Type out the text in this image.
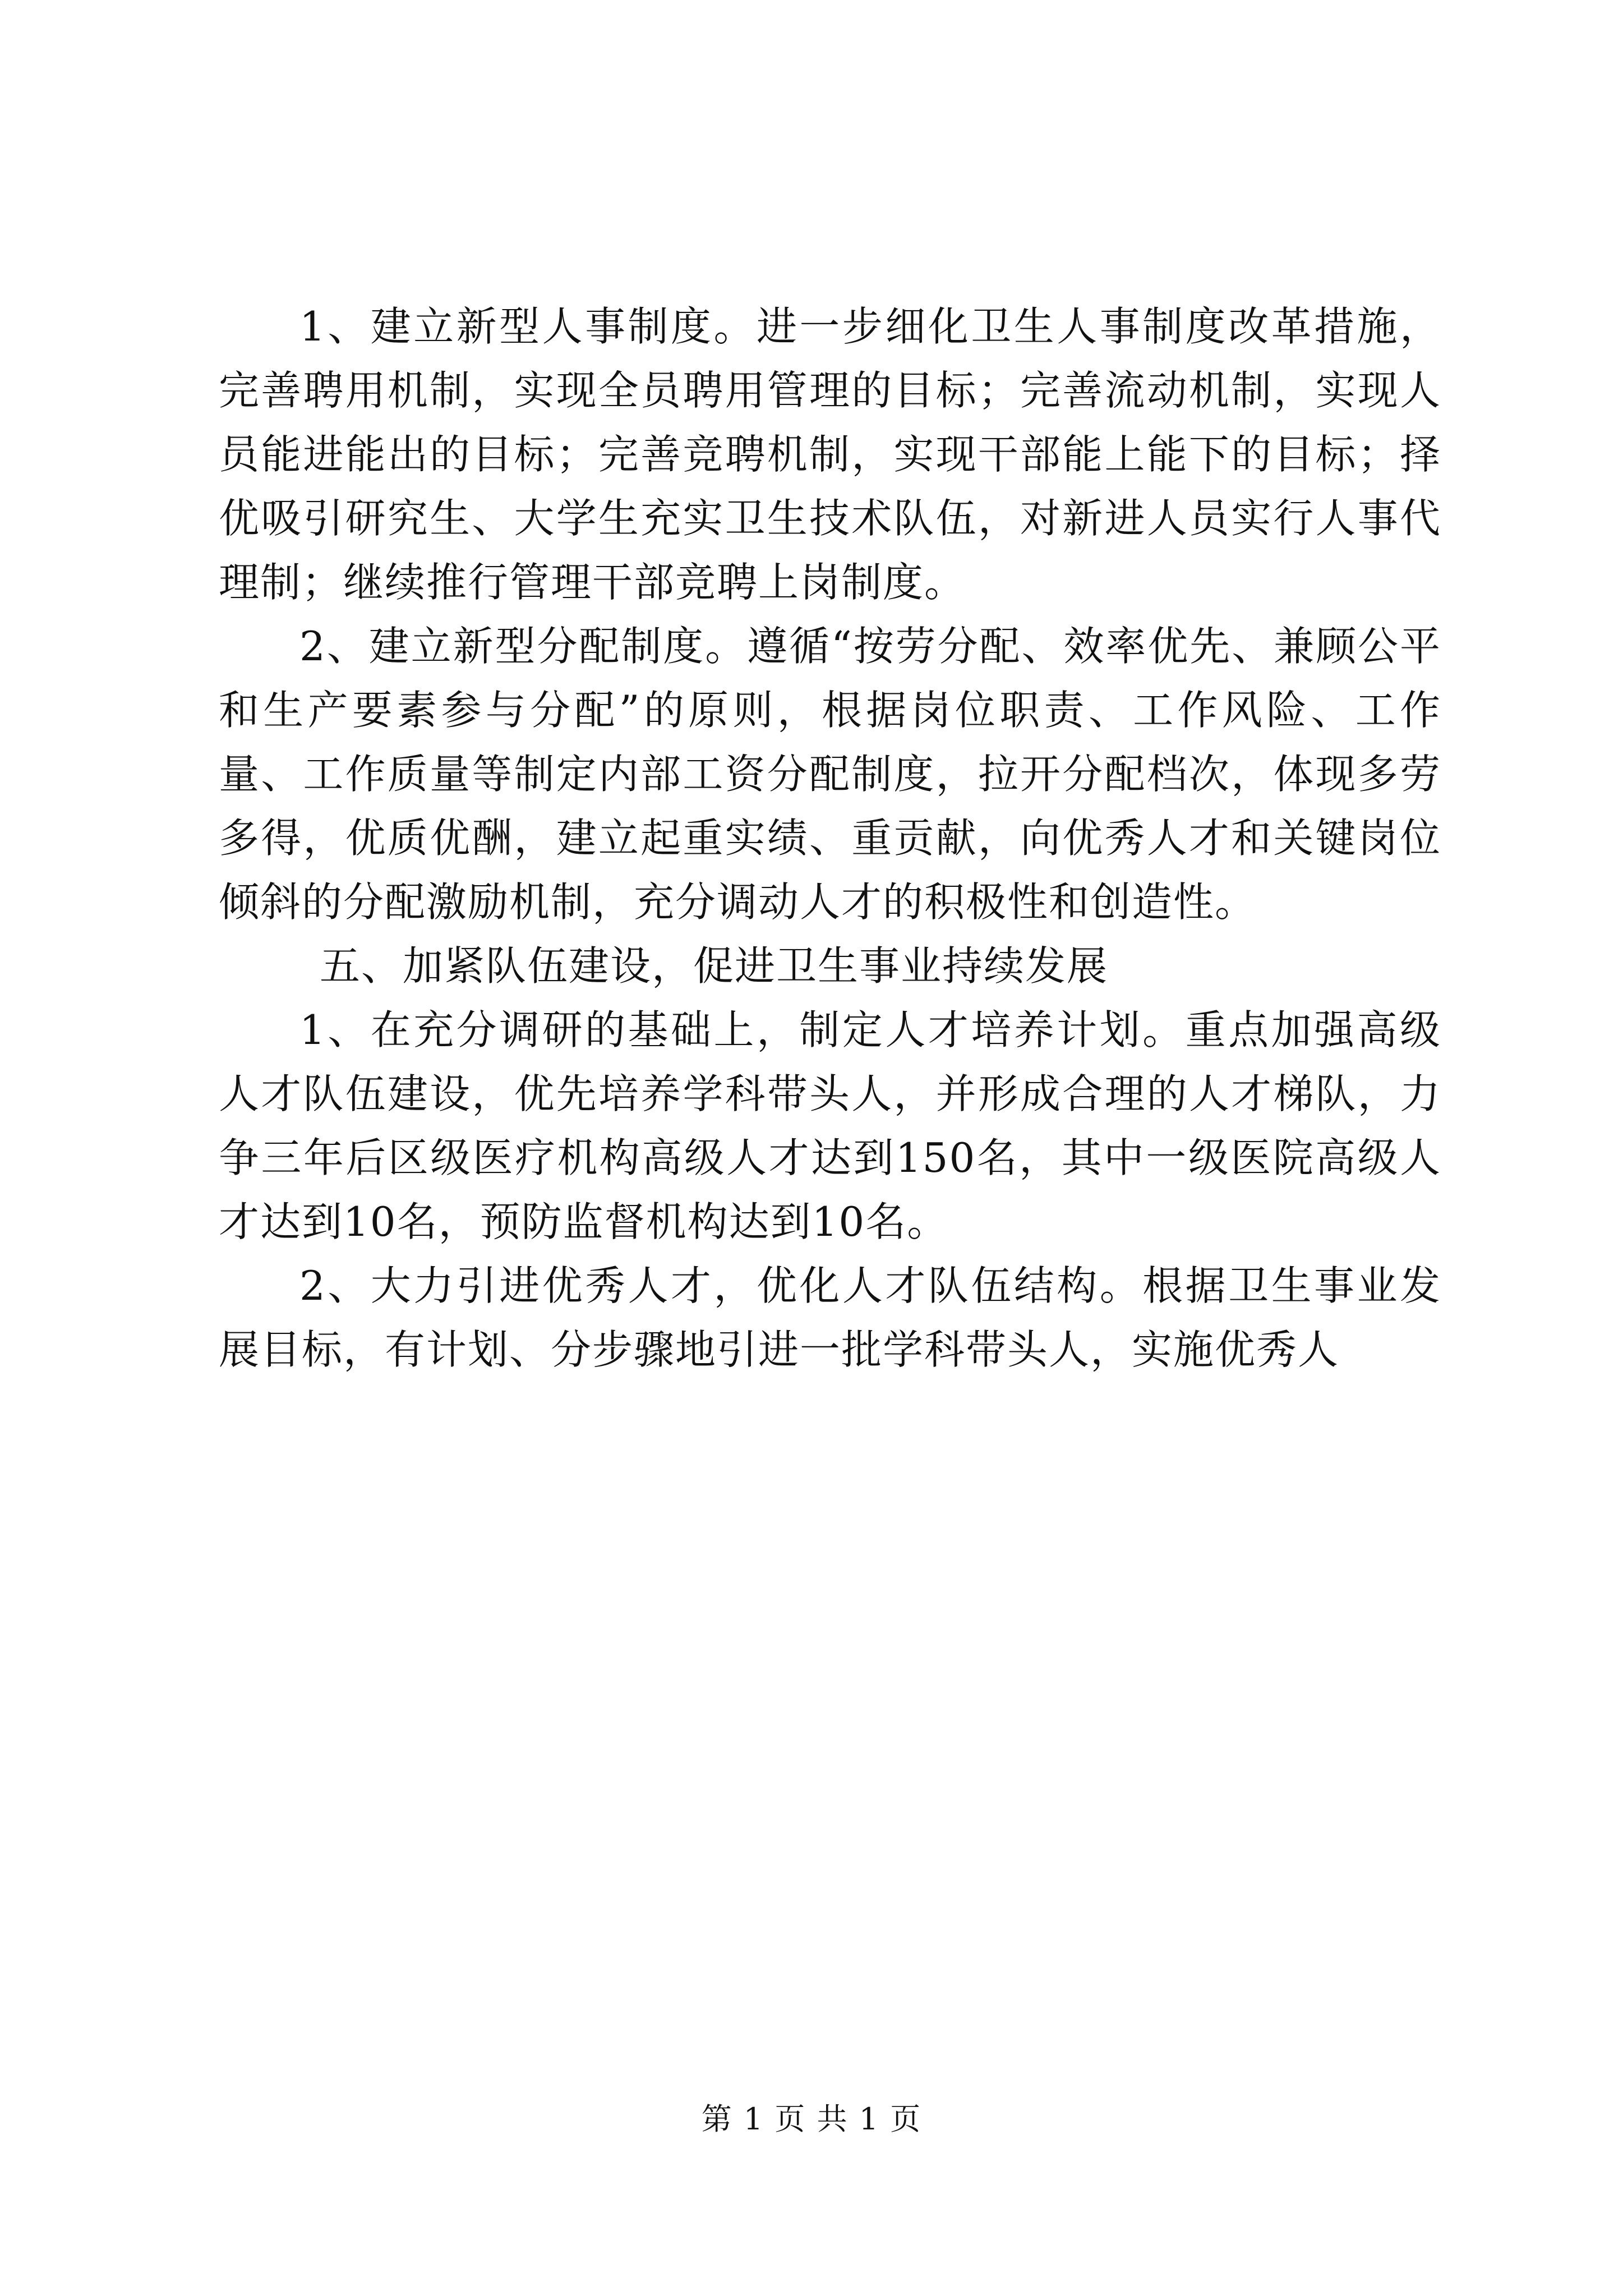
1、建立新型人事制度。进一步细化卫生人事制度改革措施，完善聘用机制，实现全员聘用管理的目标；完善流动机制，实现人员能进能出的目标；完善竞聘机制，实现干部能上能下的目标；择优吸引研究生、大学生充实卫生技术队伍，对新进人员实行人事代理制；继续推行管理干部竞聘上岗制度。

2、建立新型分配制度。遵循“按劳分配、效率优先、兼顾公平和生产要素参与分配”的原则，根据岗位职责、工作风险、工作量、工作质量等制定内部工资分配制度，拉开分配档次，体现多劳多得，优质优酬，建立起重实绩、重贡献，向优秀人才和关键岗位倾斜的分配激励机制，充分调动人才的积极性和创造性。

五、加紧队伍建设，促进卫生事业持续发展

1、在充分调研的基础上，制定人才培养计划。重点加强高级人才队伍建设，优先培养学科带头人，并形成合理的人才梯队，力争三年后区级医疗机构高级人才达到150名，其中一级医院高级人才达到10名，预防监督机构达到10名。

2、大力引进优秀人才，优化人才队伍结构。根据卫生事业发展目标，有计划、分步骤地引进一批学科带头人，实施优秀人

第 1 页 共 1 页
